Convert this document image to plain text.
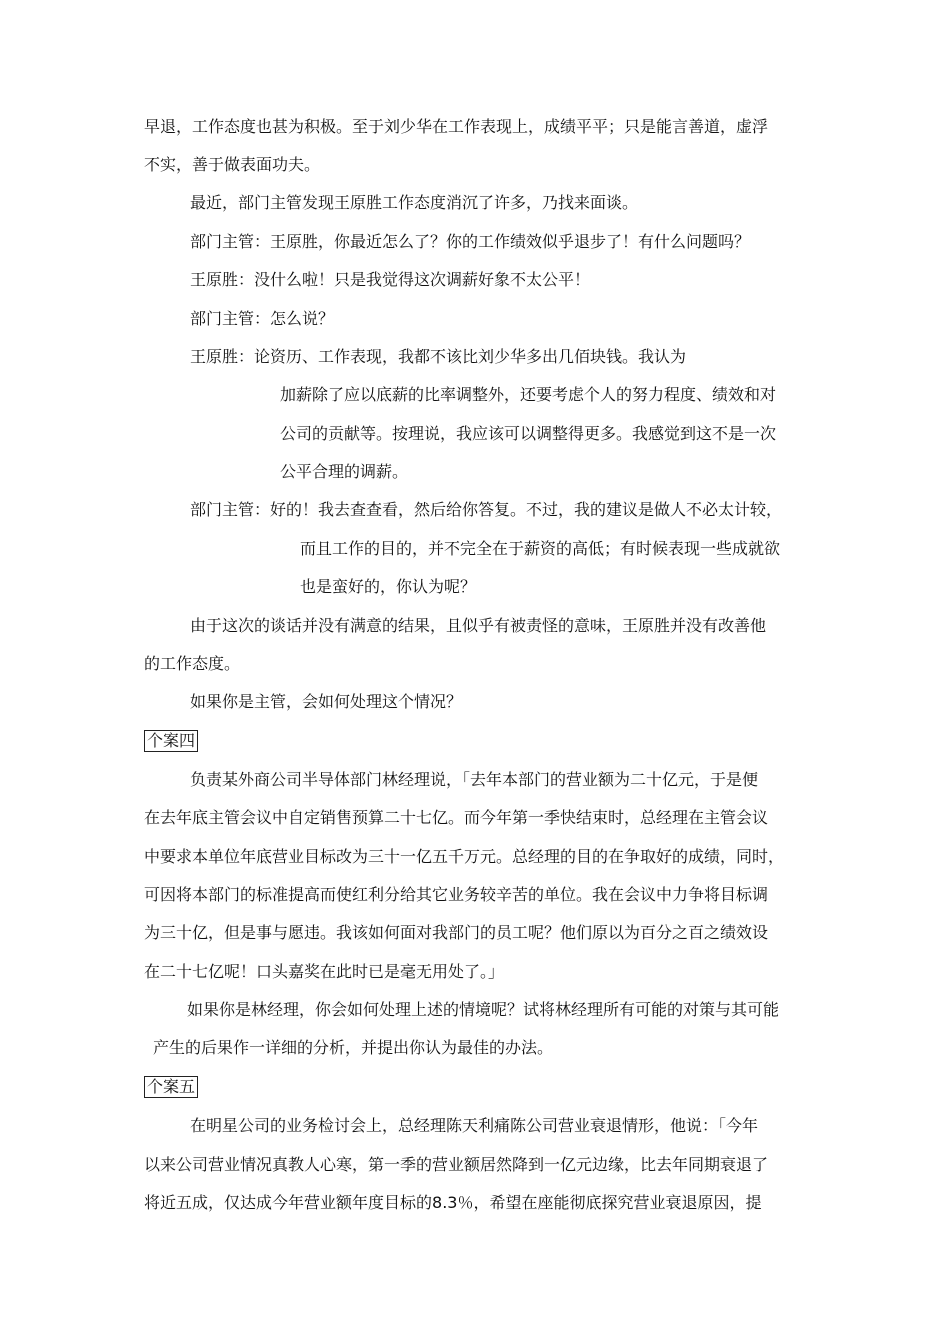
早退，工作态度也甚为积极。至于刘少华在工作表现上，成绩平平；只是能言善道，虚浮
不实，善于做表面功夫。
最近，部门主管发现王原胜工作态度消沉了许多，乃找来面谈。
部门主管：王原胜，你最近怎么了？你的工作绩效似乎退步了！有什么问题吗？
王原胜：没什么啦！只是我觉得这次调薪好象不太公平！
部门主管：怎么说？
王原胜：论资历、工作表现，我都不该比刘少华多出几佰块钱。我认为
加薪除了应以底薪的比率调整外，还要考虑个人的努力程度、绩效和对
公司的贡献等。按理说，我应该可以调整得更多。我感觉到这不是一次
公平合理的调薪。
部门主管：好的！我去查查看，然后给你答复。不过，我的建议是做人不必太计较，
而且工作的目的，并不完全在于薪资的高低；有时候表现一些成就欲
也是蛮好的，你认为呢？
由于这次的谈话并没有满意的结果，且似乎有被责怪的意味，王原胜并没有改善他
的工作态度。
如果你是主管，会如何处理这个情况？
个案四
负责某外商公司半导体部门林经理说，「去年本部门的营业额为二十亿元，于是便
在去年底主管会议中自定销售预算二十七亿。而今年第一季快结束时，总经理在主管会议
中要求本单位年底营业目标改为三十一亿五千万元。总经理的目的在争取好的成绩，同时，
可因将本部门的标准提高而使红利分给其它业务较辛苦的单位。我在会议中力争将目标调
为三十亿，但是事与愿违。我该如何面对我部门的员工呢？他们原以为百分之百之绩效设
在二十七亿呢！口头嘉奖在此时已是毫无用处了。」
如果你是林经理，你会如何处理上述的情境呢？试将林经理所有可能的对策与其可能
产生的后果作一详细的分析，并提出你认为最佳的办法。
个案五
在明星公司的业务检讨会上，总经理陈天利痛陈公司营业衰退情形，他说：「今年
以来公司营业情况真教人心寒，第一季的营业额居然降到一亿元边缘，比去年同期衰退了
将近五成，仅达成今年营业额年度目标的8.3％，希望在座能彻底探究营业衰退原因，提
